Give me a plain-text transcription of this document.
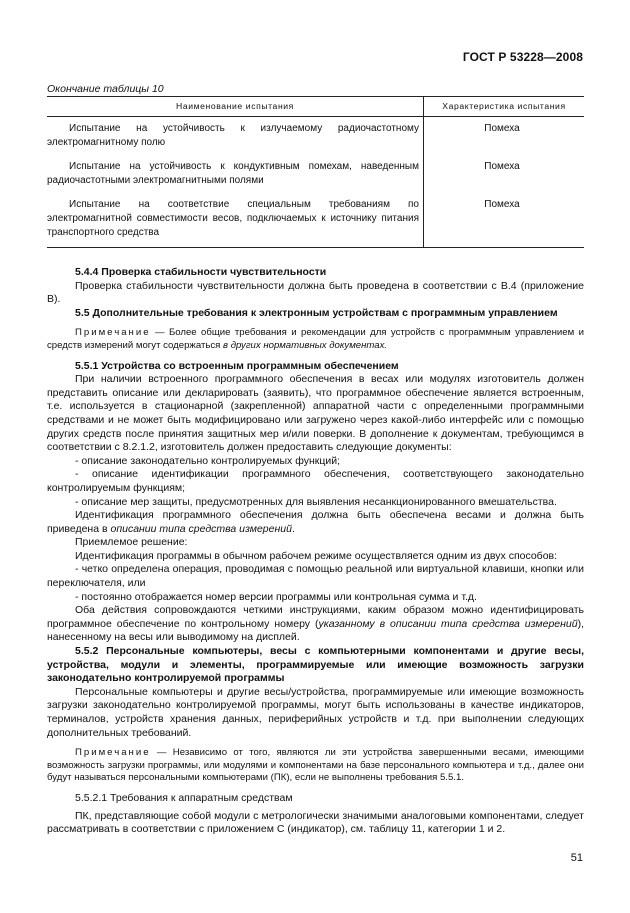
ГОСТ Р 53228—2008
Окончание таблицы 10
Наименование испытания	Характеристика испытания
Испытание на устойчивость к излучаемому радиочастотному электромагнитному полю	Помеха
Испытание на устойчивость к кондуктивным помехам, наведенным радиочастотными электромагнитными полями	Помеха
Испытание на соответствие специальным требованиям по электромагнитной совместимости весов, подключаемых к источнику питания транспортного средства	Помеха

5.4.4 Проверка стабильности чувствительности

Проверка стабильности чувствительности должна быть проведена в соответствии с В.4 (приложение В).

5.5 Дополнительные требования к электронным устройствам с программным управлением

Примечание — Более общие требования и рекомендации для устройств с программным управлением и средств измерений могут содержаться в других нормативных документах.

5.5.1 Устройства со встроенным программным обеспечением

При наличии встроенного программного обеспечения в весах или модулях изготовитель должен представить описание или декларировать (заявить), что программное обеспечение является встроенным, т.е. используется в стационарной (закрепленной) аппаратной части с определенными программными средствами и не может быть модифицировано или загружено через какой-либо интерфейс или с помощью других средств после принятия защитных мер и/или поверки. В дополнение к документам, требующимся в соответствии с 8.2.1.2, изготовитель должен предоставить следующие документы:

- описание законодательно контролируемых функций;

- описание идентификации программного обеспечения, соответствующего законодательно контролируемым функциям;

- описание мер защиты, предусмотренных для выявления несанкционированного вмешательства.

Идентификация программного обеспечения должна быть обеспечена весами и должна быть приведена в описании типа средства измерений.

Приемлемое решение:

Идентификация программы в обычном рабочем режиме осуществляется одним из двух способов:

- четко определена операция, проводимая с помощью реальной или виртуальной клавиши, кнопки или переключателя, или

- постоянно отображается номер версии программы или контрольная сумма и т.д.

Оба действия сопровождаются четкими инструкциями, каким образом можно идентифицировать программное обеспечение по контрольному номеру (указанному в описании типа средства измерений), нанесенному на весы или выводимому на дисплей.

5.5.2 Персональные компьютеры, весы с компьютерными компонентами и другие весы, устройства, модули и элементы, программируемые или имеющие возможность загрузки законодательно контролируемой программы

Персональные компьютеры и другие весы/устройства, программируемые или имеющие возможность загрузки законодательно контролируемой программы, могут быть использованы в качестве индикаторов, терминалов, устройств хранения данных, периферийных устройств и т.д. при выполнении следующих дополнительных требований.

Примечание — Независимо от того, являются ли эти устройства завершенными весами, имеющими возможность загрузки программы, или модулями и компонентами на базе персонального компьютера и т.д., далее они будут называться персональными компьютерами (ПК), если не выполнены требования 5.5.1.

5.5.2.1 Требования к аппаратным средствам

ПК, представляющие собой модули с метрологически значимыми аналоговыми компонентами, следует рассматривать в соответствии с приложением С (индикатор), см. таблицу 11, категории 1 и 2.

51
